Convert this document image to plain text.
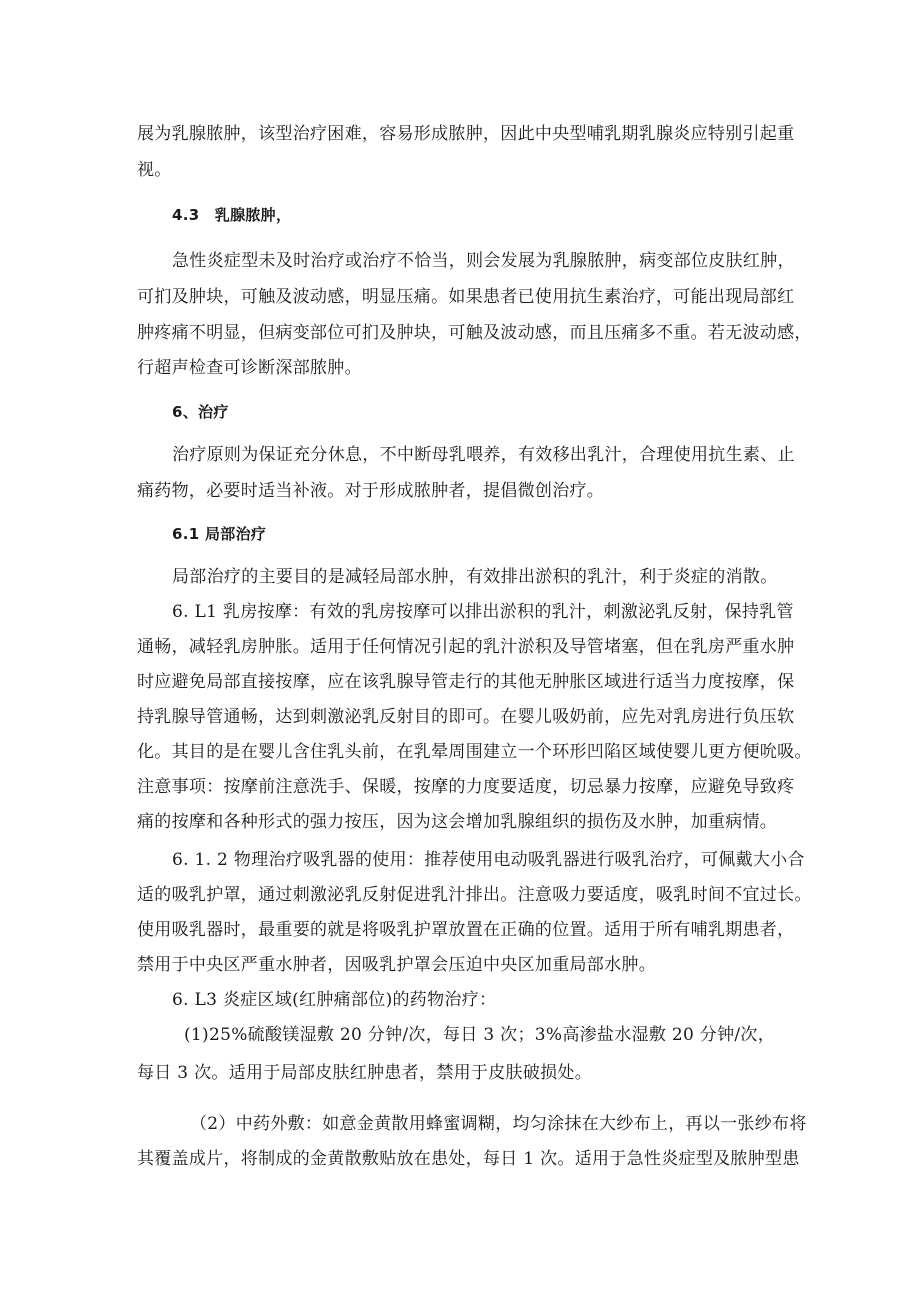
展为乳腺脓肿，该型治疗困难，容易形成脓肿，因此中央型哺乳期乳腺炎应特别引起重
视。
4.3　乳腺脓肿，
急性炎症型未及时治疗或治疗不恰当，则会发展为乳腺脓肿，病变部位皮肤红肿，
可扪及肿块，可触及波动感，明显压痛。如果患者已使用抗生素治疗，可能出现局部红
肿疼痛不明显，但病变部位可扪及肿块，可触及波动感，而且压痛多不重。若无波动感，
行超声检查可诊断深部脓肿。
6、治疗
治疗原则为保证充分休息，不中断母乳喂养，有效移出乳汁，合理使用抗生素、止
痛药物，必要时适当补液。对于形成脓肿者，提倡微创治疗。
6.1 局部治疗
局部治疗的主要目的是减轻局部水肿，有效排出淤积的乳汁，利于炎症的消散。
6. L1 乳房按摩：有效的乳房按摩可以排出淤积的乳汁，刺激泌乳反射，保持乳管
通畅，减轻乳房肿胀。适用于任何情况引起的乳汁淤积及导管堵塞，但在乳房严重水肿
时应避免局部直接按摩，应在该乳腺导管走行的其他无肿胀区域进行适当力度按摩，保
持乳腺导管通畅，达到刺激泌乳反射目的即可。在婴儿吸奶前，应先对乳房进行负压软
化。其目的是在婴儿含住乳头前，在乳晕周围建立一个环形凹陷区域使婴儿更方便吮吸。
注意事项：按摩前注意洗手、保暖，按摩的力度要适度，切忌暴力按摩，应避免导致疼
痛的按摩和各种形式的强力按压，因为这会增加乳腺组织的损伤及水肿，加重病情。
6. 1. 2 物理治疗吸乳器的使用：推荐使用电动吸乳器进行吸乳治疗，可佩戴大小合
适的吸乳护罩，通过刺激泌乳反射促进乳汁排出。注意吸力要适度，吸乳时间不宜过长。
使用吸乳器时，最重要的就是将吸乳护罩放置在正确的位置。适用于所有哺乳期患者，
禁用于中央区严重水肿者，因吸乳护罩会压迫中央区加重局部水肿。
6. L3 炎症区域(红肿痛部位)的药物治疗：
(1)25%硫酸镁湿敷 20 分钟/次，每日 3 次；3%高渗盐水湿敷 20 分钟/次，
每日 3 次。适用于局部皮肤红肿患者，禁用于皮肤破损处。
（2）中药外敷：如意金黄散用蜂蜜调糊，均匀涂抹在大纱布上，再以一张纱布将
其覆盖成片，将制成的金黄散敷贴放在患处，每日 1 次。适用于急性炎症型及脓肿型患
